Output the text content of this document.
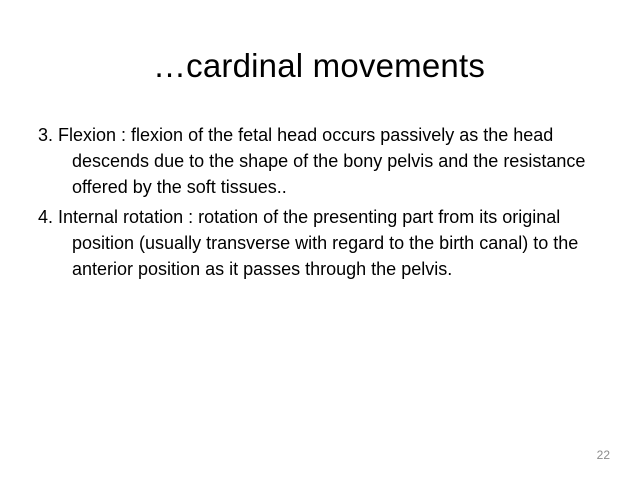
…cardinal movements
3. Flexion : flexion of the fetal head occurs passively as the head descends due to the shape of the bony pelvis and the resistance offered by the soft tissues..
4. Internal rotation : rotation of the presenting part from its original position (usually transverse with regard to the birth canal) to the anterior position as it passes through the pelvis.
22
